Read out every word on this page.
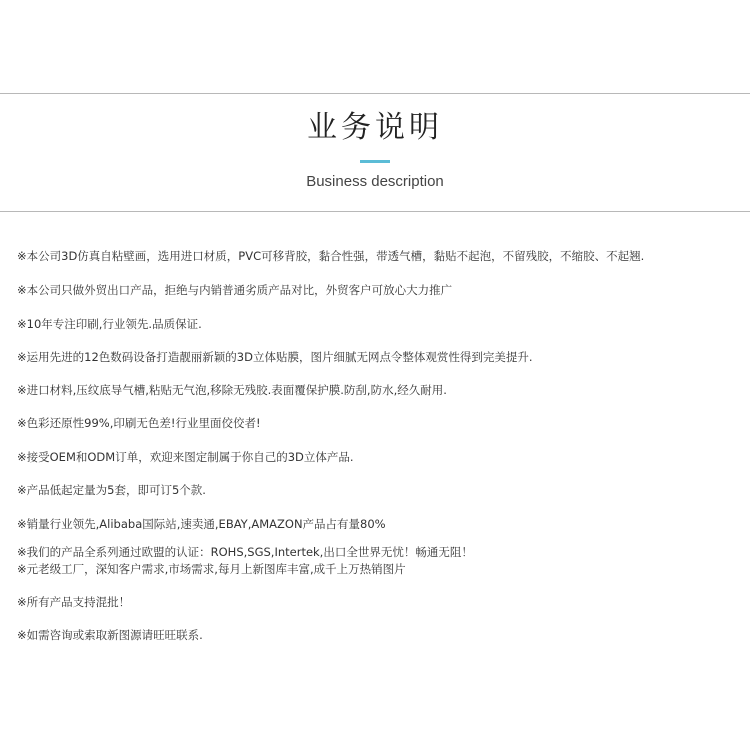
业务说明
Business description
※本公司3D仿真自粘壁画，选用进口材质，PVC可移背胶，黏合性强，带透气槽，黏贴不起泡，不留残胶，不缩胶、不起翘.
※本公司只做外贸出口产品，拒绝与内销普通劣质产品对比，外贸客户可放心大力推广
※10年专注印刷,行业领先.品质保证.
※运用先进的12色数码设备打造靓丽新颖的3D立体贴膜，图片细腻无网点令整体观赏性得到完美提升.
※进口材料,压纹底导气槽,粘贴无气泡,移除无残胶.表面覆保护膜.防刮,防水,经久耐用.
※色彩还原性99%,印刷无色差!行业里面佼佼者!
※接受OEM和ODM订单，欢迎来图定制属于你自己的3D立体产品.
※产品低起定量为5套，即可订5个款.
※销量行业领先,Alibaba国际站,速卖通,EBAY,AMAZON产品占有量80%
※我们的产品全系列通过欧盟的认证：ROHS,SGS,Intertek,出口全世界无忧！畅通无阻！
※元老级工厂，深知客户需求,市场需求,每月上新图库丰富,成千上万热销图片
※所有产品支持混批！
※如需咨询或索取新图源请旺旺联系.
